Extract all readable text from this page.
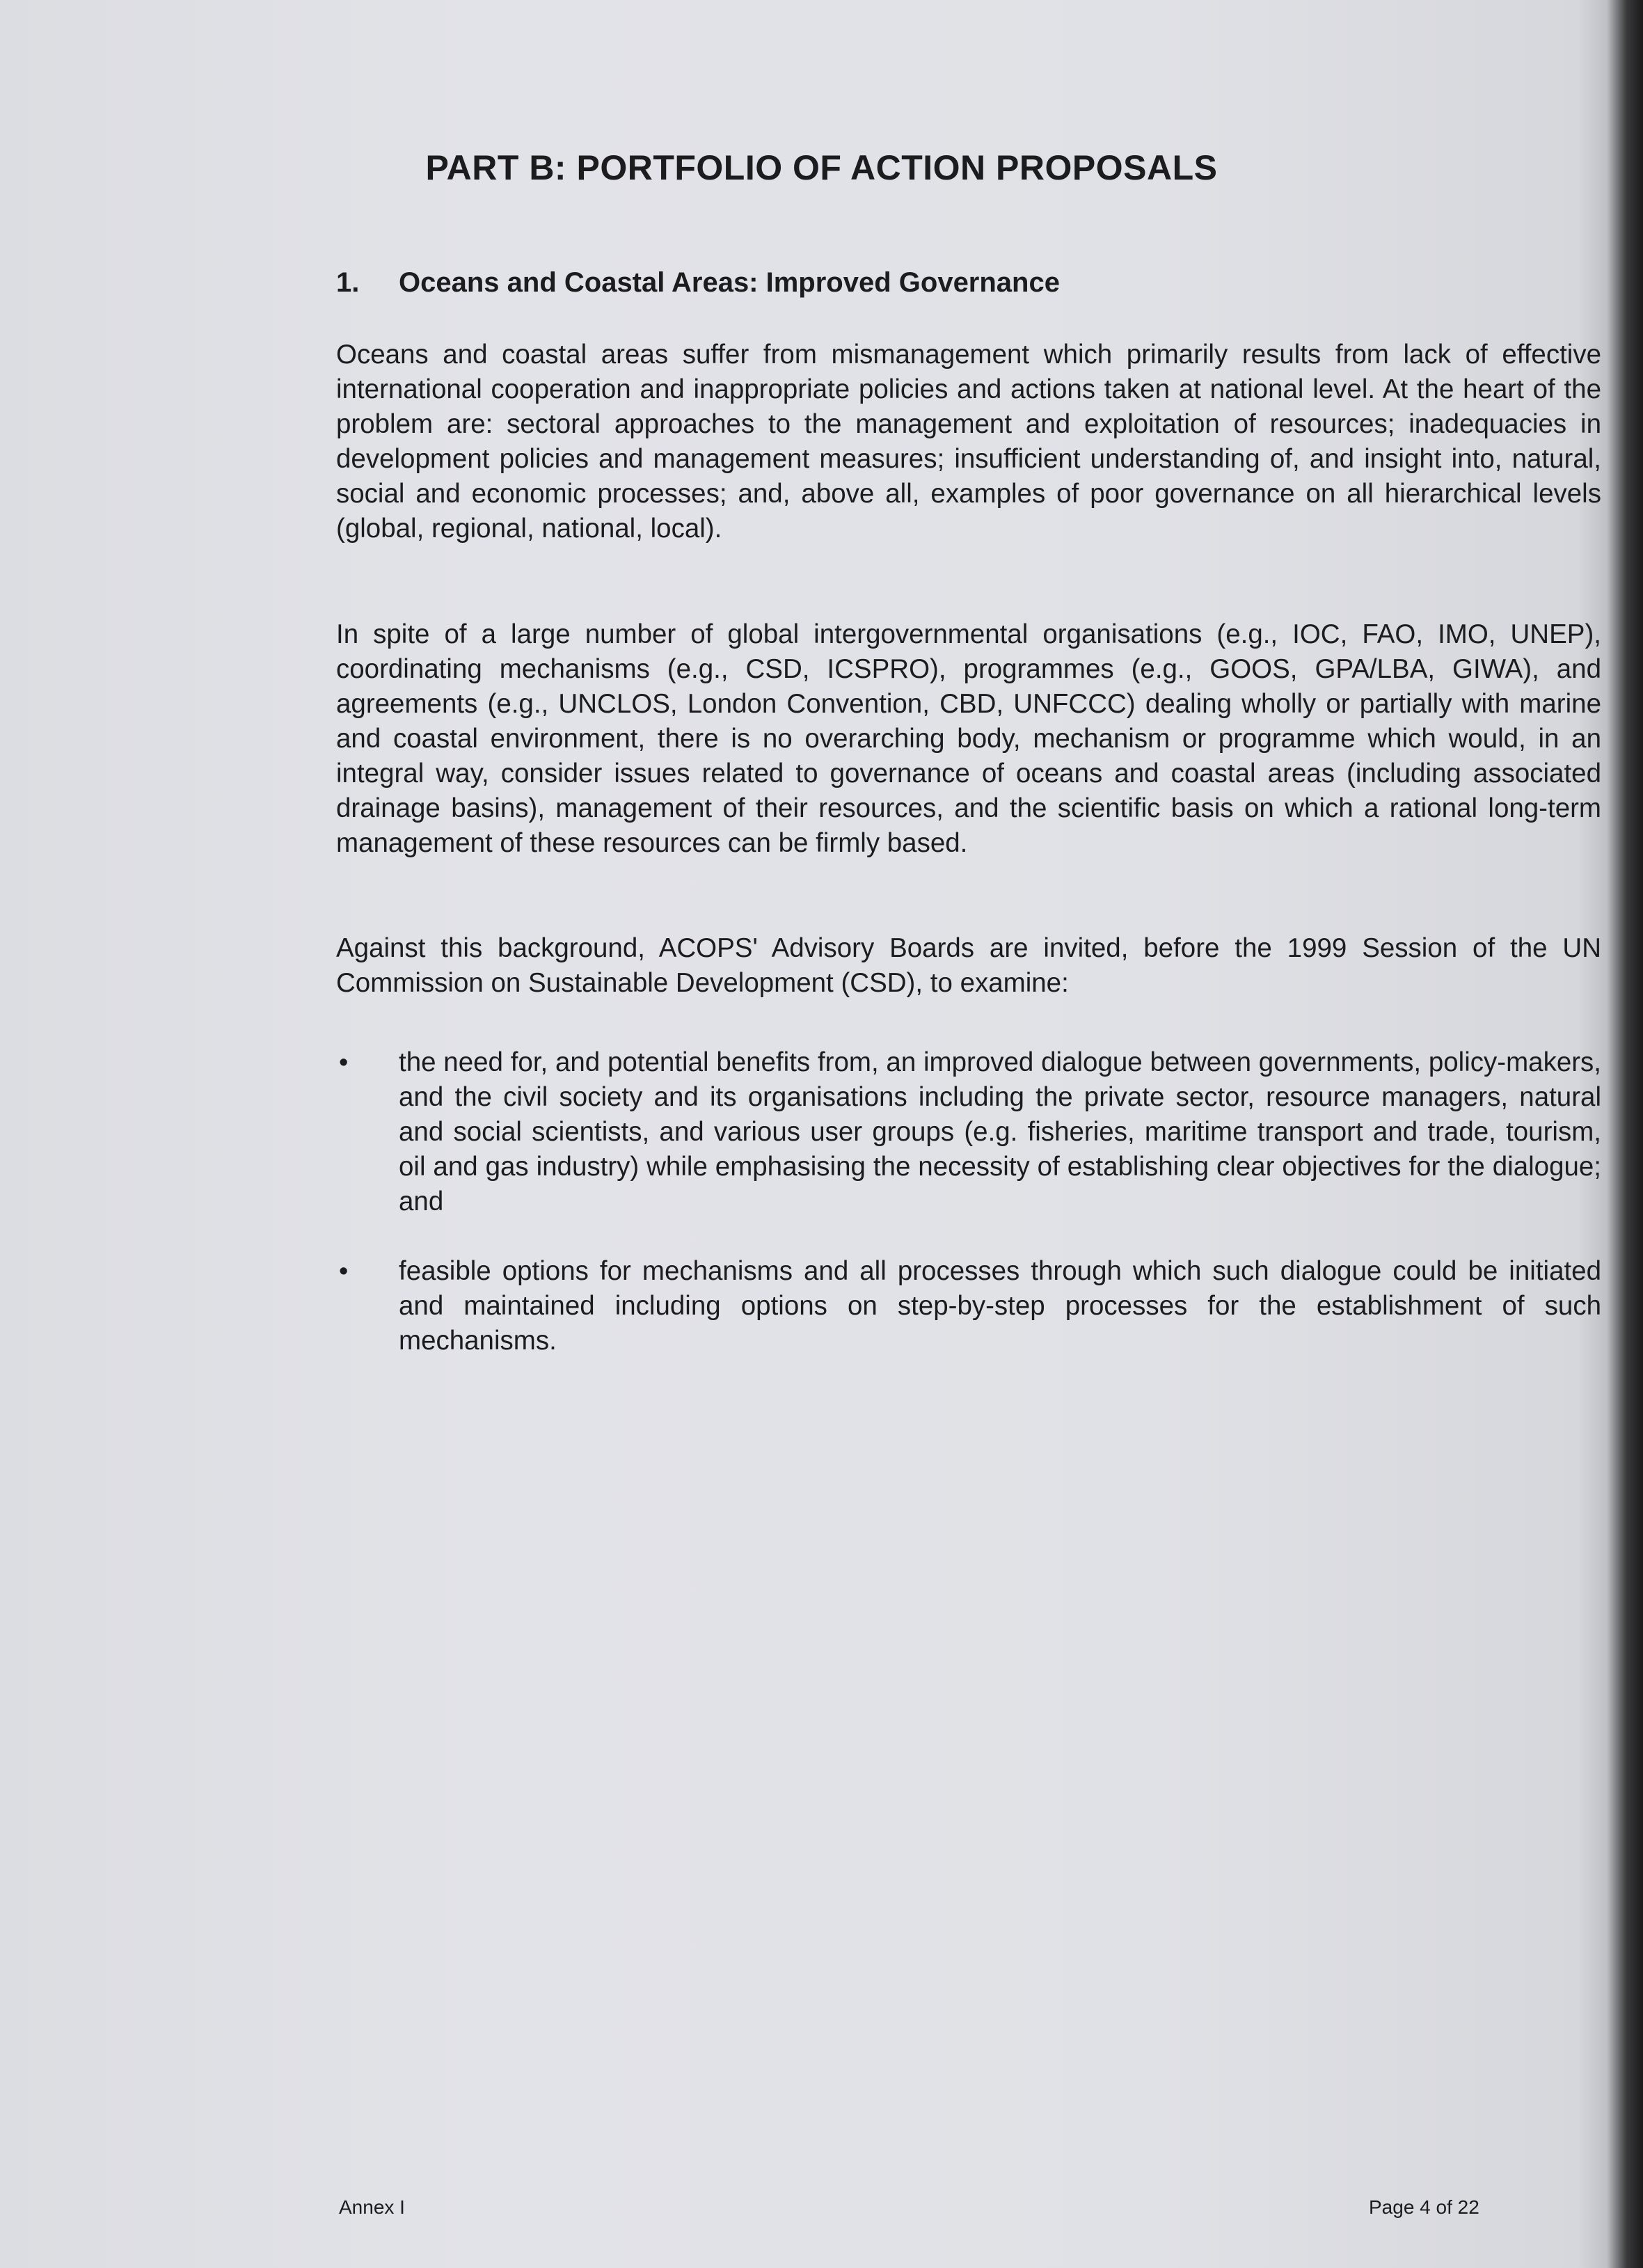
PART B: PORTFOLIO OF ACTION PROPOSALS
1. Oceans and Coastal Areas: Improved Governance

Oceans and coastal areas suffer from mismanagement which primarily results from lack of effective international cooperation and inappropriate policies and actions taken at national level. At the heart of the problem are: sectoral approaches to the management and exploitation of resources; inadequacies in development policies and management measures; insufficient understanding of, and insight into, natural, social and economic processes; and, above all, examples of poor governance on all hierarchical levels (global, regional, national, local).

In spite of a large number of global intergovernmental organisations (e.g., IOC, FAO, IMO, UNEP), coordinating mechanisms (e.g., CSD, ICSPRO), programmes (e.g., GOOS, GPA/LBA, GIWA), and agreements (e.g., UNCLOS, London Convention, CBD, UNFCCC) dealing wholly or partially with marine and coastal environment, there is no overarching body, mechanism or programme which would, in an integral way, consider issues related to governance of oceans and coastal areas (including associated drainage basins), management of their resources, and the scientific basis on which a rational long-term management of these resources can be firmly based.

Against this background, ACOPS' Advisory Boards are invited, before the 1999 Session of the UN Commission on Sustainable Development (CSD), to examine:

• the need for, and potential benefits from, an improved dialogue between governments, policy-makers, and the civil society and its organisations including the private sector, resource managers, natural and social scientists, and various user groups (e.g. fisheries, maritime transport and trade, tourism, oil and gas industry) while emphasising the necessity of establishing clear objectives for the dialogue; and
• feasible options for mechanisms and all processes through which such dialogue could be initiated and maintained including options on step-by-step processes for the establishment of such mechanisms.
Annex I	Page 4 of 22
